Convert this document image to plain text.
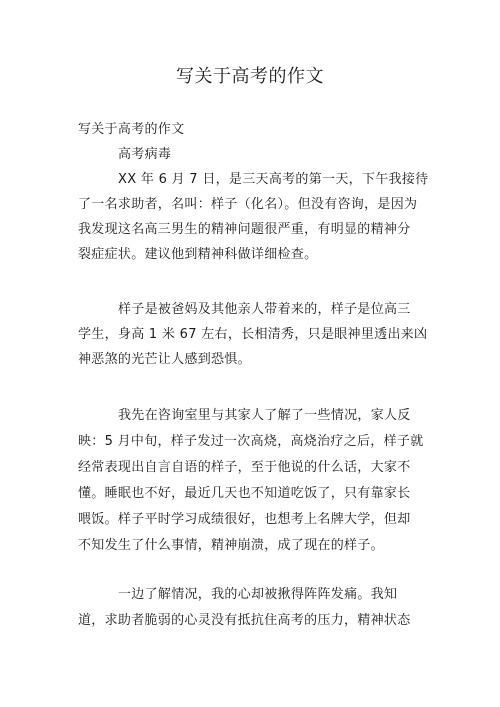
写关于高考的作文
写关于高考的作文
高考病毒
XX 年 6 月 7 日，是三天高考的第一天，下午我接待
了一名求助者，名叫：样子（化名）。但没有咨询，是因为
我发现这名高三男生的精神问题很严重，有明显的精神分
裂症症状。建议他到精神科做详细检查。
样子是被爸妈及其他亲人带着来的，样子是位高三
学生，身高 1 米 67 左右，长相清秀，只是眼神里透出来凶
神恶煞的光芒让人感到恐惧。
我先在咨询室里与其家人了解了一些情况，家人反
映：5 月中旬，样子发过一次高烧，高烧治疗之后，样子就
经常表现出自言自语的样子，至于他说的什么话，大家不
懂。睡眠也不好，最近几天也不知道吃饭了，只有靠家长
喂饭。样子平时学习成绩很好，也想考上名牌大学，但却
不知发生了什么事情，精神崩溃，成了现在的样子。
一边了解情况，我的心却被揪得阵阵发痛。我知
道，求助者脆弱的心灵没有抵抗住高考的压力，精神状态
